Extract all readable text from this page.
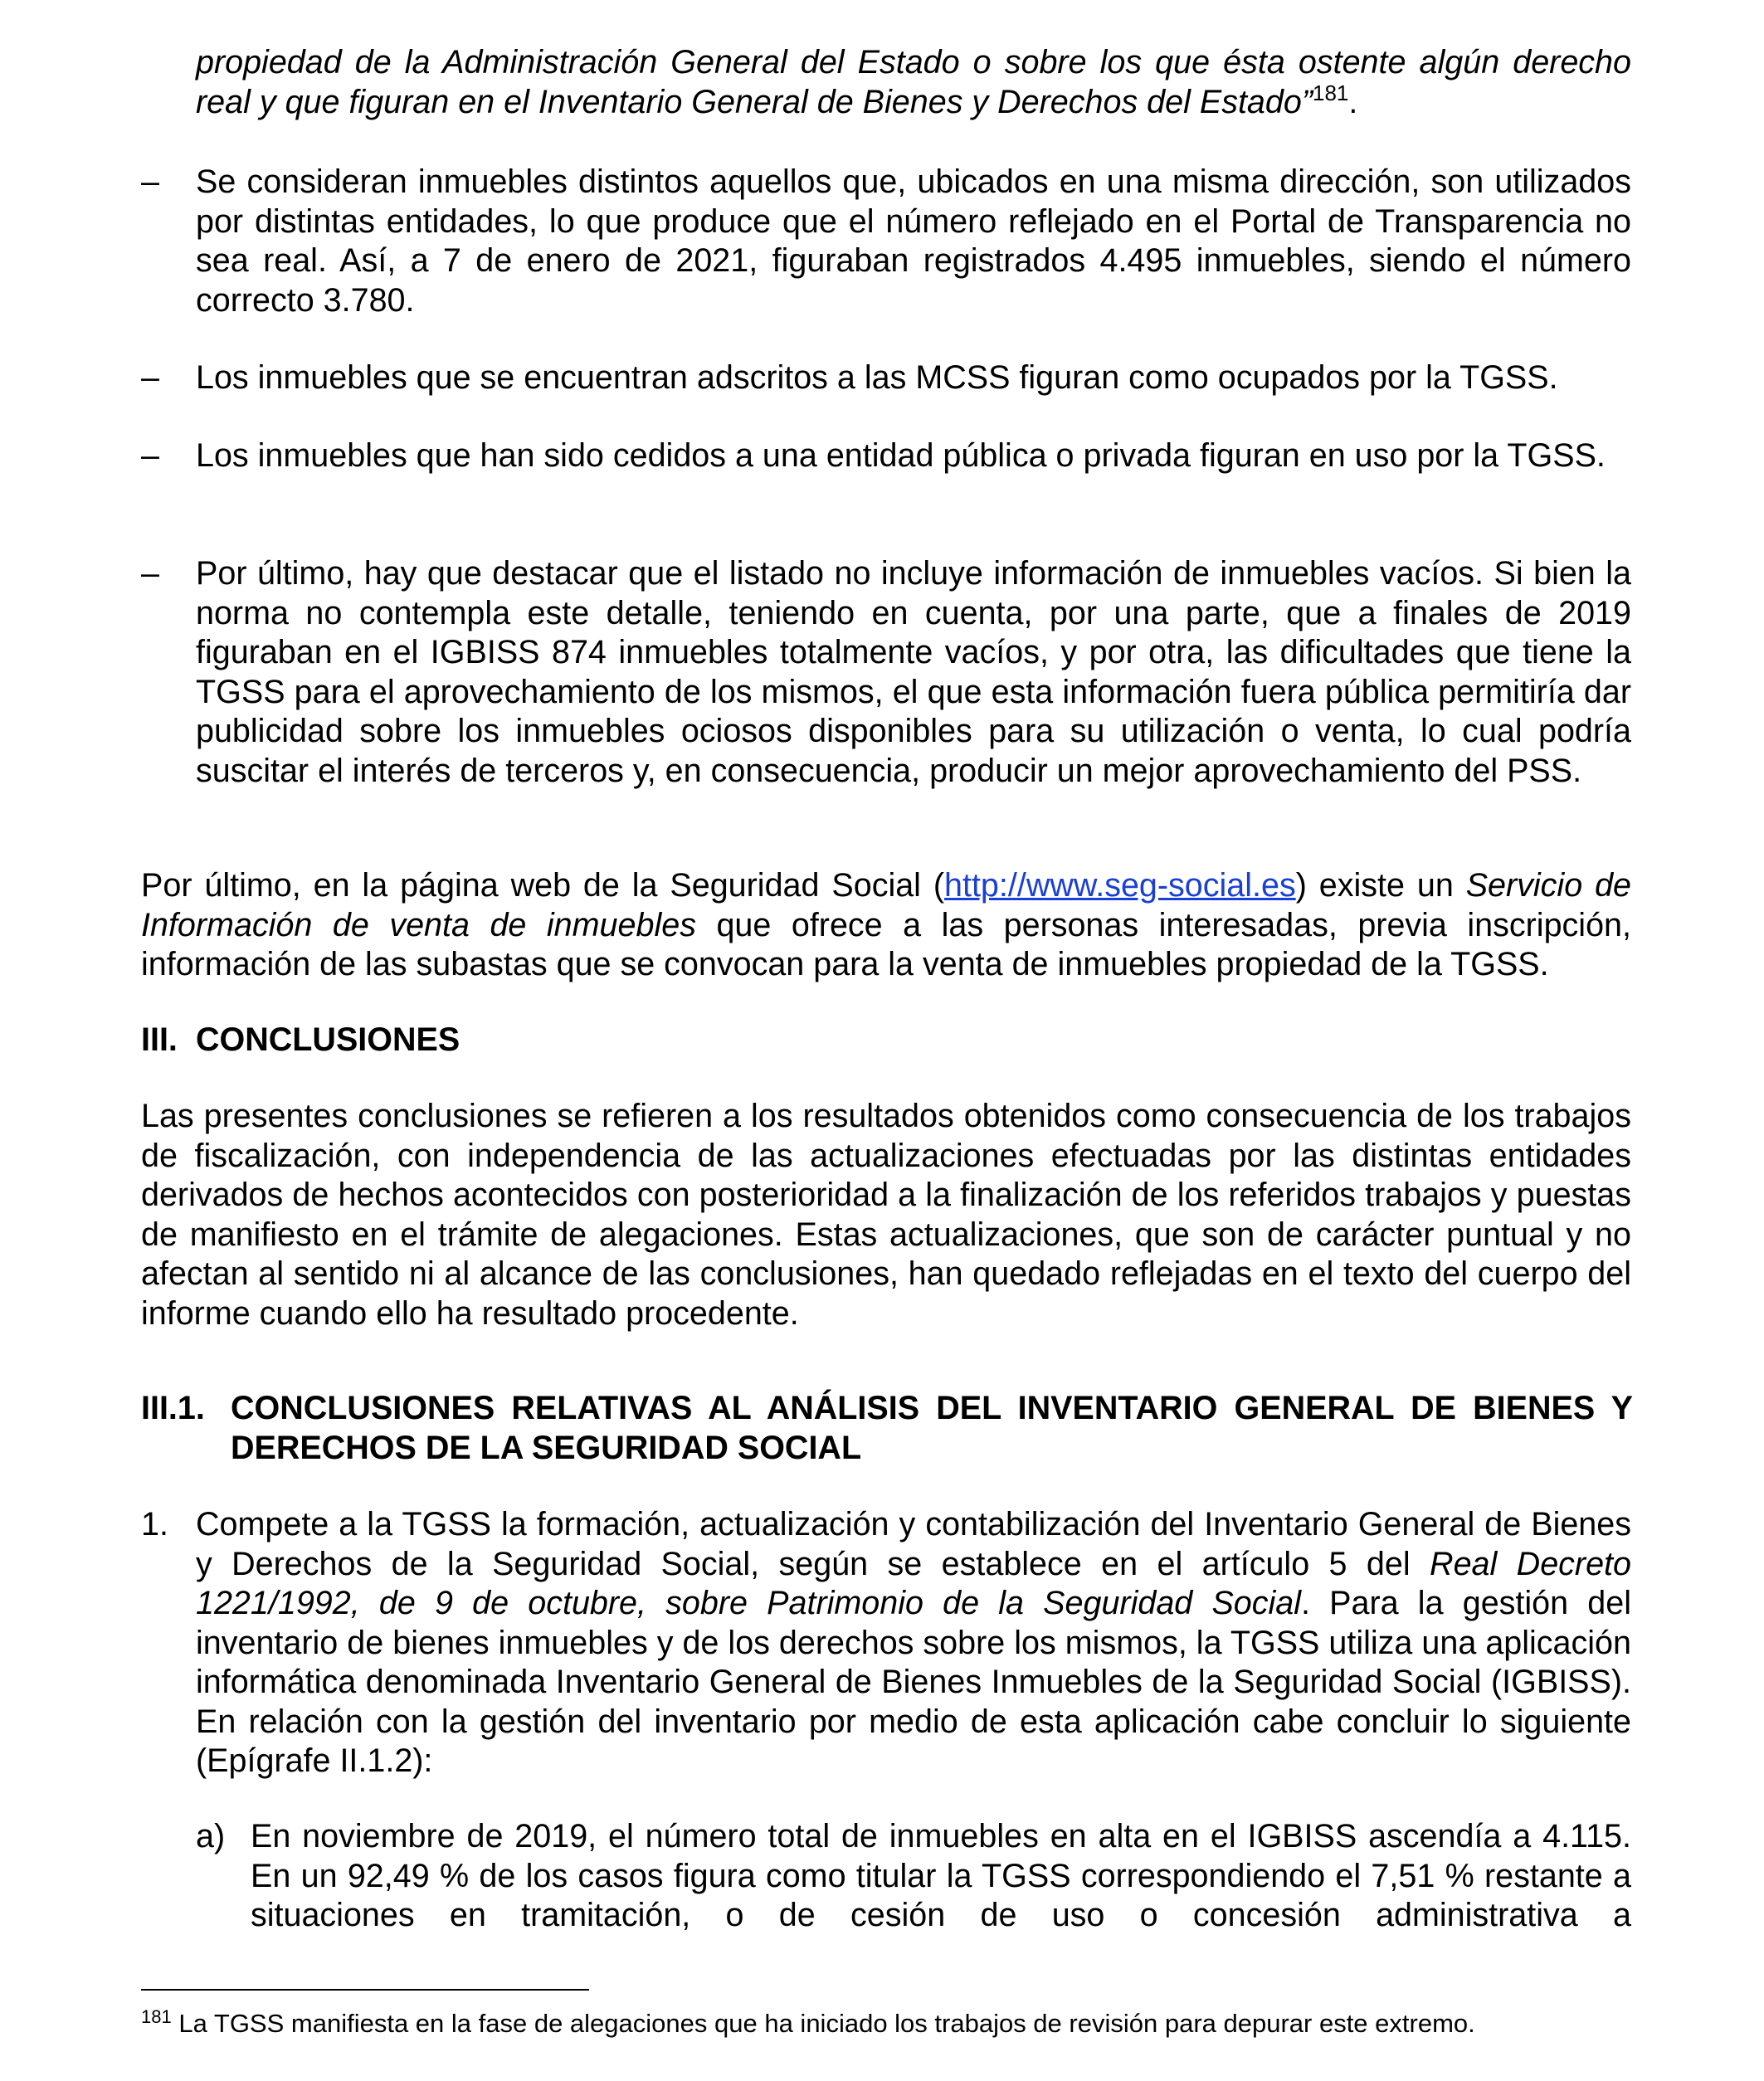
propiedad de la Administración General del Estado o sobre los que ésta ostente algún derecho real y que figuran en el Inventario General de Bienes y Derechos del Estado”$^{181}$.

– Se consideran inmuebles distintos aquellos que, ubicados en una misma dirección, son utilizados por distintas entidades, lo que produce que el número reflejado en el Portal de Transparencia no sea real. Así, a 7 de enero de 2021, figuraban registrados 4.495 inmuebles, siendo el número correcto 3.780.

– Los inmuebles que se encuentran adscritos a las MCSS figuran como ocupados por la TGSS.

– Los inmuebles que han sido cedidos a una entidad pública o privada figuran en uso por la TGSS.

– Por último, hay que destacar que el listado no incluye información de inmuebles vacíos. Si bien la norma no contempla este detalle, teniendo en cuenta, por una parte, que a finales de 2019 figuraban en el IGBISS 874 inmuebles totalmente vacíos, y por otra, las dificultades que tiene la TGSS para el aprovechamiento de los mismos, el que esta información fuera pública permitiría dar publicidad sobre los inmuebles ociosos disponibles para su utilización o venta, lo cual podría suscitar el interés de terceros y, en consecuencia, producir un mejor aprovechamiento del PSS.

Por último, en la página web de la Seguridad Social (http://www.seg-social.es) existe un Servicio de Información de venta de inmuebles que ofrece a las personas interesadas, previa inscripción, información de las subastas que se convocan para la venta de inmuebles propiedad de la TGSS.

III. CONCLUSIONES

Las presentes conclusiones se refieren a los resultados obtenidos como consecuencia de los trabajos de fiscalización, con independencia de las actualizaciones efectuadas por las distintas entidades derivados de hechos acontecidos con posterioridad a la finalización de los referidos trabajos y puestas de manifiesto en el trámite de alegaciones. Estas actualizaciones, que son de carácter puntual y no afectan al sentido ni al alcance de las conclusiones, han quedado reflejadas en el texto del cuerpo del informe cuando ello ha resultado procedente.

III.1. CONCLUSIONES RELATIVAS AL ANÁLISIS DEL INVENTARIO GENERAL DE BIENES Y DERECHOS DE LA SEGURIDAD SOCIAL
1. Compete a la TGSS la formación, actualización y contabilización del Inventario General de Bienes y Derechos de la Seguridad Social, según se establece en el artículo 5 del Real Decreto 1221/1992, de 9 de octubre, sobre Patrimonio de la Seguridad Social. Para la gestión del inventario de bienes inmuebles y de los derechos sobre los mismos, la TGSS utiliza una aplicación informática denominada Inventario General de Bienes Inmuebles de la Seguridad Social (IGBISS). En relación con la gestión del inventario por medio de esta aplicación cabe concluir lo siguiente (Epígrafe II.1.2):

a) En noviembre de 2019, el número total de inmuebles en alta en el IGBISS ascendía a 4.115. En un 92,49 % de los casos figura como titular la TGSS correspondiendo el 7,51 % restante a situaciones en tramitación, o de cesión de uso o concesión administrativa a

$^{181}$ La TGSS manifiesta en la fase de alegaciones que ha iniciado los trabajos de revisión para depurar este extremo.
